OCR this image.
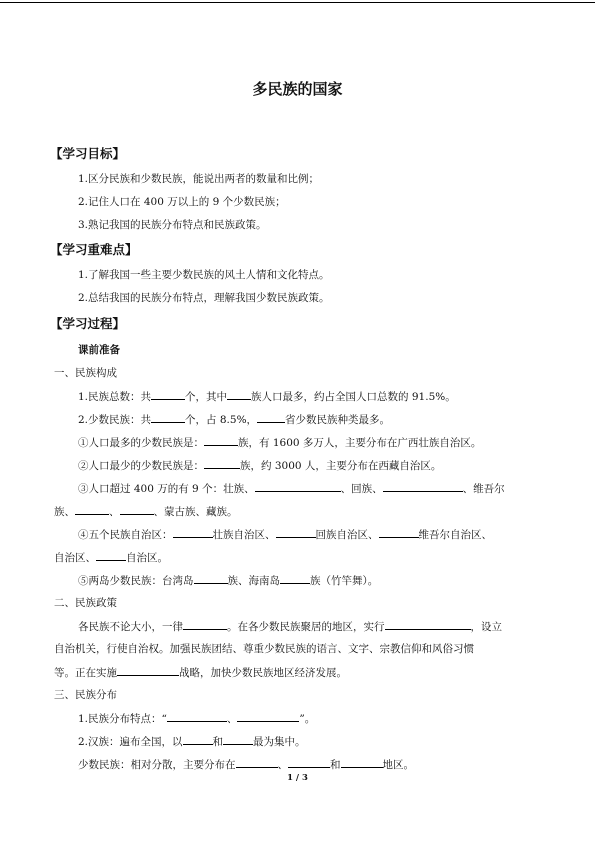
多民族的国家
【学习目标】
1.区分民族和少数民族，能说出两者的数量和比例；
2.记住人口在 400 万以上的 9 个少数民族；
3.熟记我国的民族分布特点和民族政策。
【学习重难点】
1.了解我国一些主要少数民族的风土人情和文化特点。
2.总结我国的民族分布特点，理解我国少数民族政策。
【学习过程】
课前准备
一、民族构成
1.民族总数：共	个，其中 族人口最多，约占全国人口总数的 91.5%。
2.少数民族：共	个，占 8.5%，	省少数民族种类最多。
①人口最多的少数民族是：	族，有 1600 多万人，主要分布在广西壮族自治区。
②人口最少的少数民族是：	族，约 3000 人，主要分布在西藏自治区。
③人口超过 400 万的有 9 个：壮族、	、回族、	、维吾尔
族、	、	、蒙古族、藏族。
④五个民族自治区：	壮族自治区、	回族自治区、	维吾尔自治区、
自治区、	自治区。
⑤两岛少数民族：台湾岛	族、海南岛	族（竹竿舞）。
二、民族政策
各民族不论大小，一律	。在各少数民族聚居的地区，实行	，设立
自治机关，行使自治权。加强民族团结、尊重少数民族的语言、文字、宗教信仰和风俗习惯
等。正在实施	战略，加快少数民族地区经济发展。
三、民族分布
1.民族分布特点：“	、	”。
2.汉族：遍布全国，以	和	最为集中。
少数民族：相对分散，主要分布在	、	和	地区。
1 / 3
